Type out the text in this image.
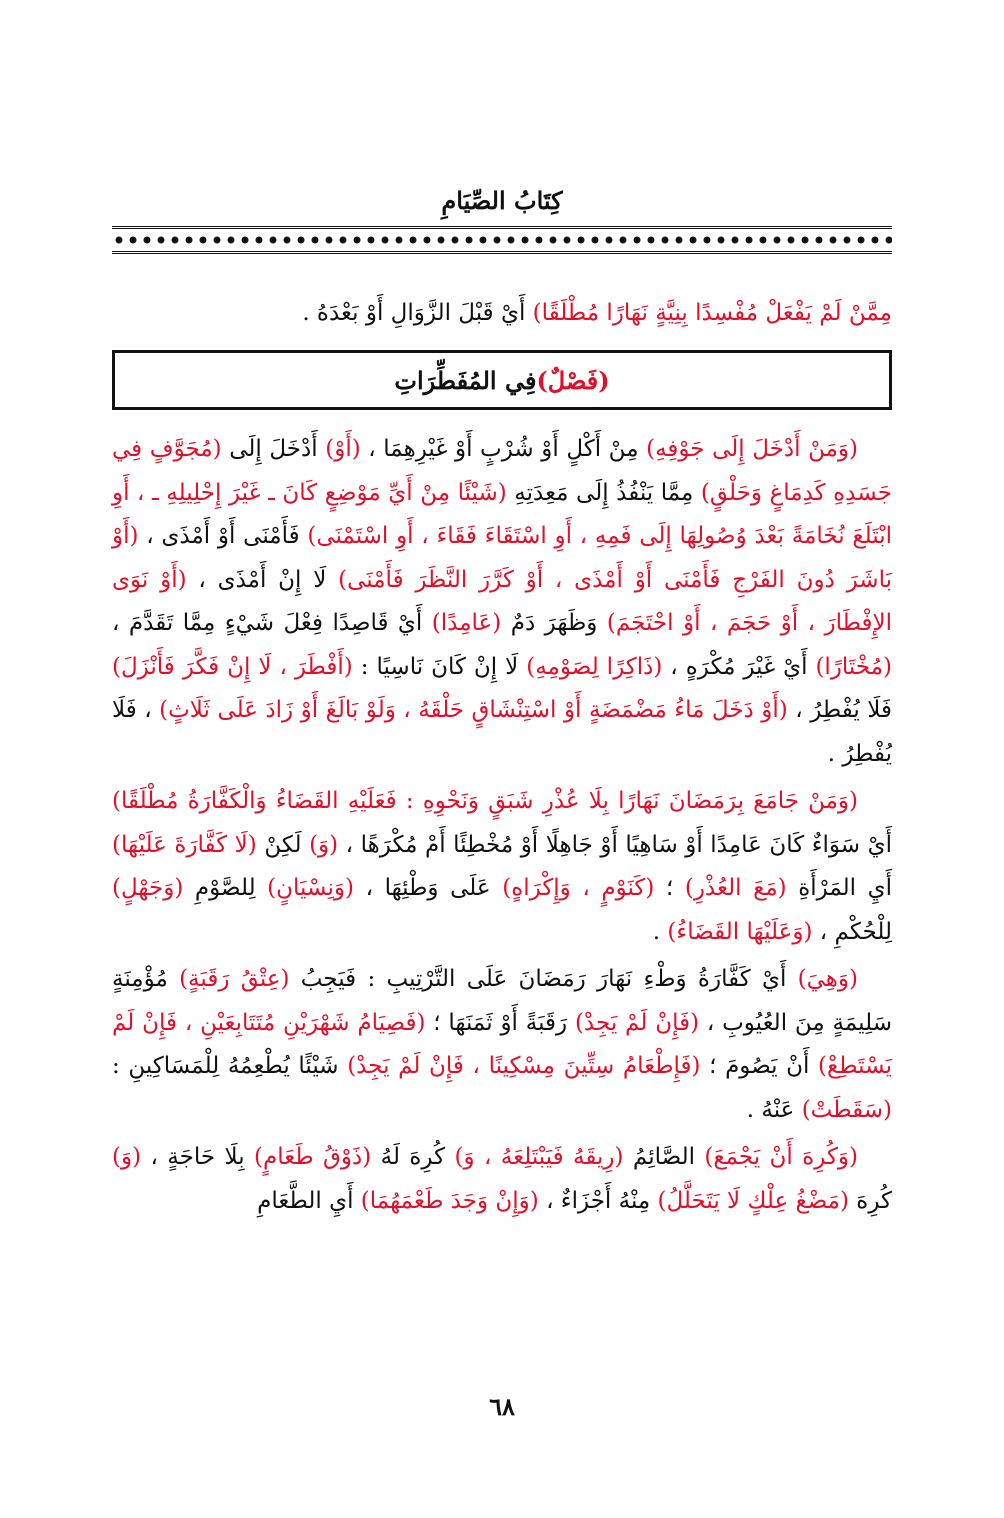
كِتَابُ الصِّيَامِ

مِمَّنْ لَمْ يَفْعَلْ مُفْسِدًا بِنِيَّةٍ نَهَارًا مُطْلَقًا) أَيْ قَبْلَ الزَّوَالِ أَوْ بَعْدَهُ .

(فَصْلٌ)
فِي المُفَطِّرَاتِ

(وَمَنْ أَدْخَلَ إِلَى جَوْفِهِ) مِنْ أَكْلٍ أَوْ شُرْبٍ أَوْ غَيْرِهِمَا ، (أَوْ) أَدْخَلَ إِلَى (مُجَوَّفٍ فِي جَسَدِهِ كَدِمَاغٍ وَحَلْقٍ) مِمَّا يَنْفُذُ إِلَى مَعِدَتِهِ (شَيْئًا مِنْ أَيِّ مَوْضِعٍ كَانَ ـ غَيْرَ إِحْلِيلِهِ ـ ، أَوِ ابْتَلَعَ نُخَامَةً بَعْدَ وُصُولِهَا إِلَى فَمِهِ ، أَوِ اسْتَقَاءَ فَقَاءَ ، أَوِ اسْتَمْنَى) فَأَمْنَى أَوْ أَمْذَى ، (أَوْ بَاشَرَ دُونَ الفَرْجِ فَأَمْنَى أَوْ أَمْذَى ، أَوْ كَرَّرَ النَّظَرَ فَأَمْنَى) لَا إِنْ أَمْذَى ، (أَوْ نَوَى الإِفْطَارَ ، أَوْ حَجَمَ ، أَوْ احْتَجَمَ) وَظَهَرَ دَمٌ (عَامِدًا) أَيْ قَاصِدًا فِعْلَ شَيْءٍ مِمَّا تَقَدَّمَ ، (مُخْتَارًا) أَيْ غَيْرَ مُكْرَهٍ ، (ذَاكِرًا لِصَوْمِهِ) لَا إِنْ كَانَ نَاسِيًا : (أَفْطَرَ ، لَا إِنْ فَكَّرَ فَأَنْزَلَ) فَلَا يُفْطِرُ ، (أَوْ دَخَلَ مَاءُ مَضْمَضَةٍ أَوْ اسْتِنْشَاقٍ حَلْقَهُ ، وَلَوْ بَالَغَ أَوْ زَادَ عَلَى ثَلَاثٍ) ، فَلَا يُفْطِرُ .

(وَمَنْ جَامَعَ بِرَمَضَانَ نَهَارًا بِلَا عُذْرِ شَبَقٍ وَنَحْوِهِ : فَعَلَيْهِ القَضَاءُ وَالْكَفَّارَةُ مُطْلَقًا) أَيْ سَوَاءٌ كَانَ عَامِدًا أَوْ سَاهِيًا أَوْ جَاهِلًا أَوْ مُخْطِئًا أَمْ مُكْرَهًا ، (وَ) لَكِنْ (لَا كَفَّارَةَ عَلَيْهَا) أَيِ المَرْأَةِ (مَعَ العُذْرِ) ؛ (كَنَوْمٍ ، وَإِكْرَاهٍ) عَلَى وَطْئِهَا ، (وَنِسْيَانٍ) لِلصَّوْمِ (وَجَهْلٍ) لِلْحُكْمِ ، (وَعَلَيْهَا القَضَاءُ) .

(وَهِيَ) أَيْ كَفَّارَةُ وَطْءِ نَهَارَ رَمَضَانَ عَلَى التَّرْتِيبِ : فَيَجِبُ (عِتْقُ رَقَبَةٍ) مُؤْمِنَةٍ سَلِيمَةٍ مِنَ العُيُوبِ ، (فَإِنْ لَمْ يَجِدْ) رَقَبَةً أَوْ ثَمَنَهَا ؛ (فَصِيَامُ شَهْرَيْنِ مُتَتَابِعَيْنِ ، فَإِنْ لَمْ يَسْتَطِعْ) أَنْ يَصُومَ ؛ (فَإِطْعَامُ سِتِّينَ مِسْكِينًا ، فَإِنْ لَمْ يَجِدْ) شَيْئًا يُطْعِمُهُ لِلْمَسَاكِينِ : (سَقَطَتْ) عَنْهُ .

(وَكُرِهَ أَنْ يَجْمَعَ) الصَّائِمُ (رِيقَهُ فَيَبْتَلِعَهُ ، وَ) كُرِهَ لَهُ (ذَوْقُ طَعَامٍ) بِلَا حَاجَةٍ ، (وَ) كُرِهَ (مَضْغُ عِلْكٍ لَا يَتَحَلَّلُ) مِنْهُ أَجْزَاءٌ ، (وَإِنْ وَجَدَ طَعْمَهُمَا) أَيِ الطَّعَامِ

٦٨
